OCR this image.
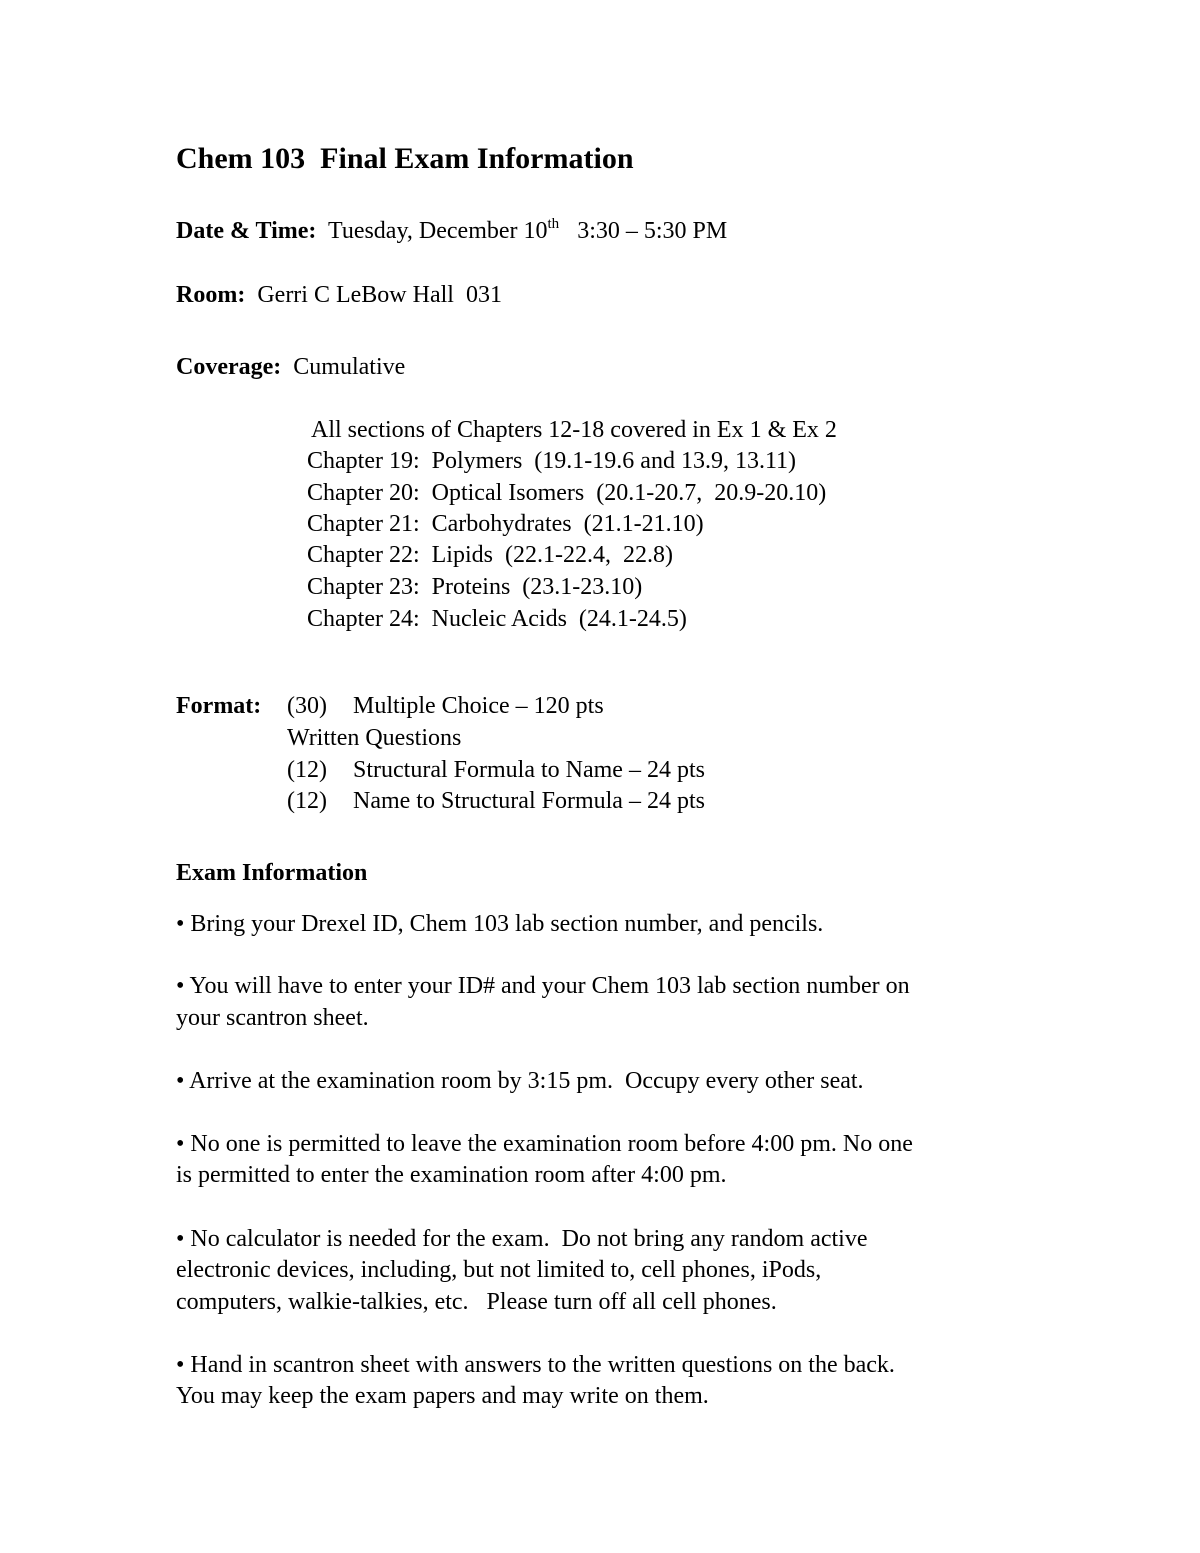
Chem 103  Final Exam Information
Date & Time: Tuesday, December 10th 3:30 – 5:30 PM
Room: Gerri C LeBow Hall  031
Coverage: Cumulative
All sections of Chapters 12-18 covered in Ex 1 & Ex 2
Chapter 19: Polymers  (19.1-19.6 and 13.9, 13.11)
Chapter 20: Optical Isomers  (20.1-20.7,  20.9-20.10)
Chapter 21: Carbohydrates  (21.1-21.10)
Chapter 22: Lipids  (22.1-22.4,  22.8)
Chapter 23: Proteins  (23.1-23.10)
Chapter 24: Nucleic Acids  (24.1-24.5)
Format: (30) Multiple Choice – 120 pts
Written Questions
(12) Structural Formula to Name – 24 pts
(12) Name to Structural Formula – 24 pts
Exam Information
• Bring your Drexel ID, Chem 103 lab section number, and pencils.
• You will have to enter your ID# and your Chem 103 lab section number on
your scantron sheet.
• Arrive at the examination room by 3:15 pm.  Occupy every other seat.
• No one is permitted to leave the examination room before 4:00 pm. No one
is permitted to enter the examination room after 4:00 pm.
• No calculator is needed for the exam.  Do not bring any random active
electronic devices, including, but not limited to, cell phones, iPods,
computers, walkie-talkies, etc.   Please turn off all cell phones.
• Hand in scantron sheet with answers to the written questions on the back.
You may keep the exam papers and may write on them.
